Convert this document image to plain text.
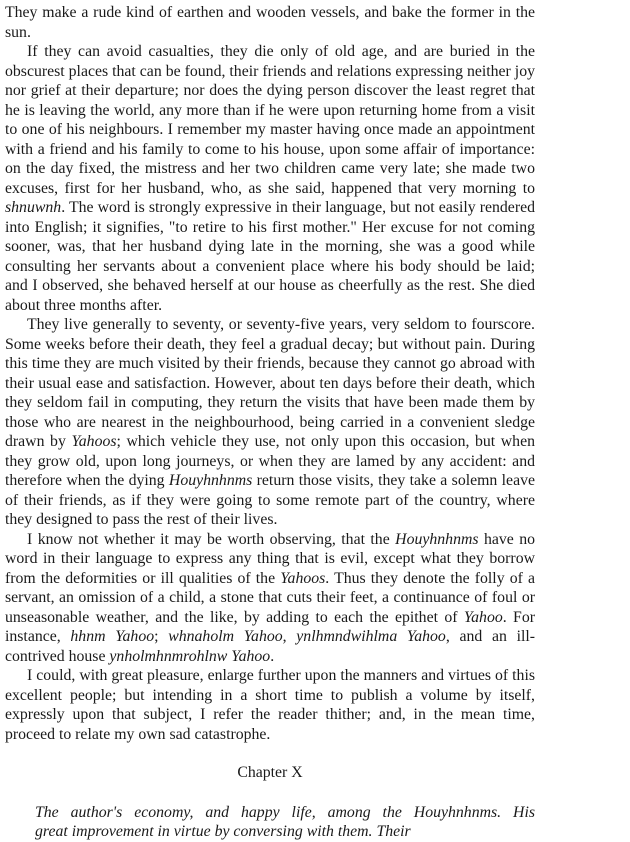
They make a rude kind of earthen and wooden vessels, and bake the former in the sun.

If they can avoid casualties, they die only of old age, and are buried in the obscurest places that can be found, their friends and relations expressing neither joy nor grief at their departure; nor does the dying person discover the least regret that he is leaving the world, any more than if he were upon returning home from a visit to one of his neighbours. I remember my master having once made an appointment with a friend and his family to come to his house, upon some affair of importance: on the day fixed, the mistress and her two children came very late; she made two excuses, first for her husband, who, as she said, happened that very morning to shnuwnh. The word is strongly expressive in their language, but not easily rendered into English; it signifies, "to retire to his first mother." Her excuse for not coming sooner, was, that her husband dying late in the morning, she was a good while consulting her servants about a convenient place where his body should be laid; and I observed, she behaved herself at our house as cheerfully as the rest. She died about three months after.

They live generally to seventy, or seventy-five years, very seldom to fourscore. Some weeks before their death, they feel a gradual decay; but without pain. During this time they are much visited by their friends, because they cannot go abroad with their usual ease and satisfaction. However, about ten days before their death, which they seldom fail in computing, they return the visits that have been made them by those who are nearest in the neighbourhood, being carried in a convenient sledge drawn by Yahoos; which vehicle they use, not only upon this occasion, but when they grow old, upon long journeys, or when they are lamed by any accident: and therefore when the dying Houyhnhnms return those visits, they take a solemn leave of their friends, as if they were going to some remote part of the country, where they designed to pass the rest of their lives.

I know not whether it may be worth observing, that the Houyhnhnms have no word in their language to express any thing that is evil, except what they borrow from the deformities or ill qualities of the Yahoos. Thus they denote the folly of a servant, an omission of a child, a stone that cuts their feet, a continuance of foul or unseasonable weather, and the like, by adding to each the epithet of Yahoo. For instance, hhnm Yahoo; whnaholm Yahoo, ynlhmndwihlma Yahoo, and an ill-contrived house ynholmhnmrohlnw Yahoo.

I could, with great pleasure, enlarge further upon the manners and virtues of this excellent people; but intending in a short time to publish a volume by itself, expressly upon that subject, I refer the reader thither; and, in the mean time, proceed to relate my own sad catastrophe.

Chapter X

The author's economy, and happy life, among the Houyhnhnms. His

great improvement in virtue by conversing with them. Their
